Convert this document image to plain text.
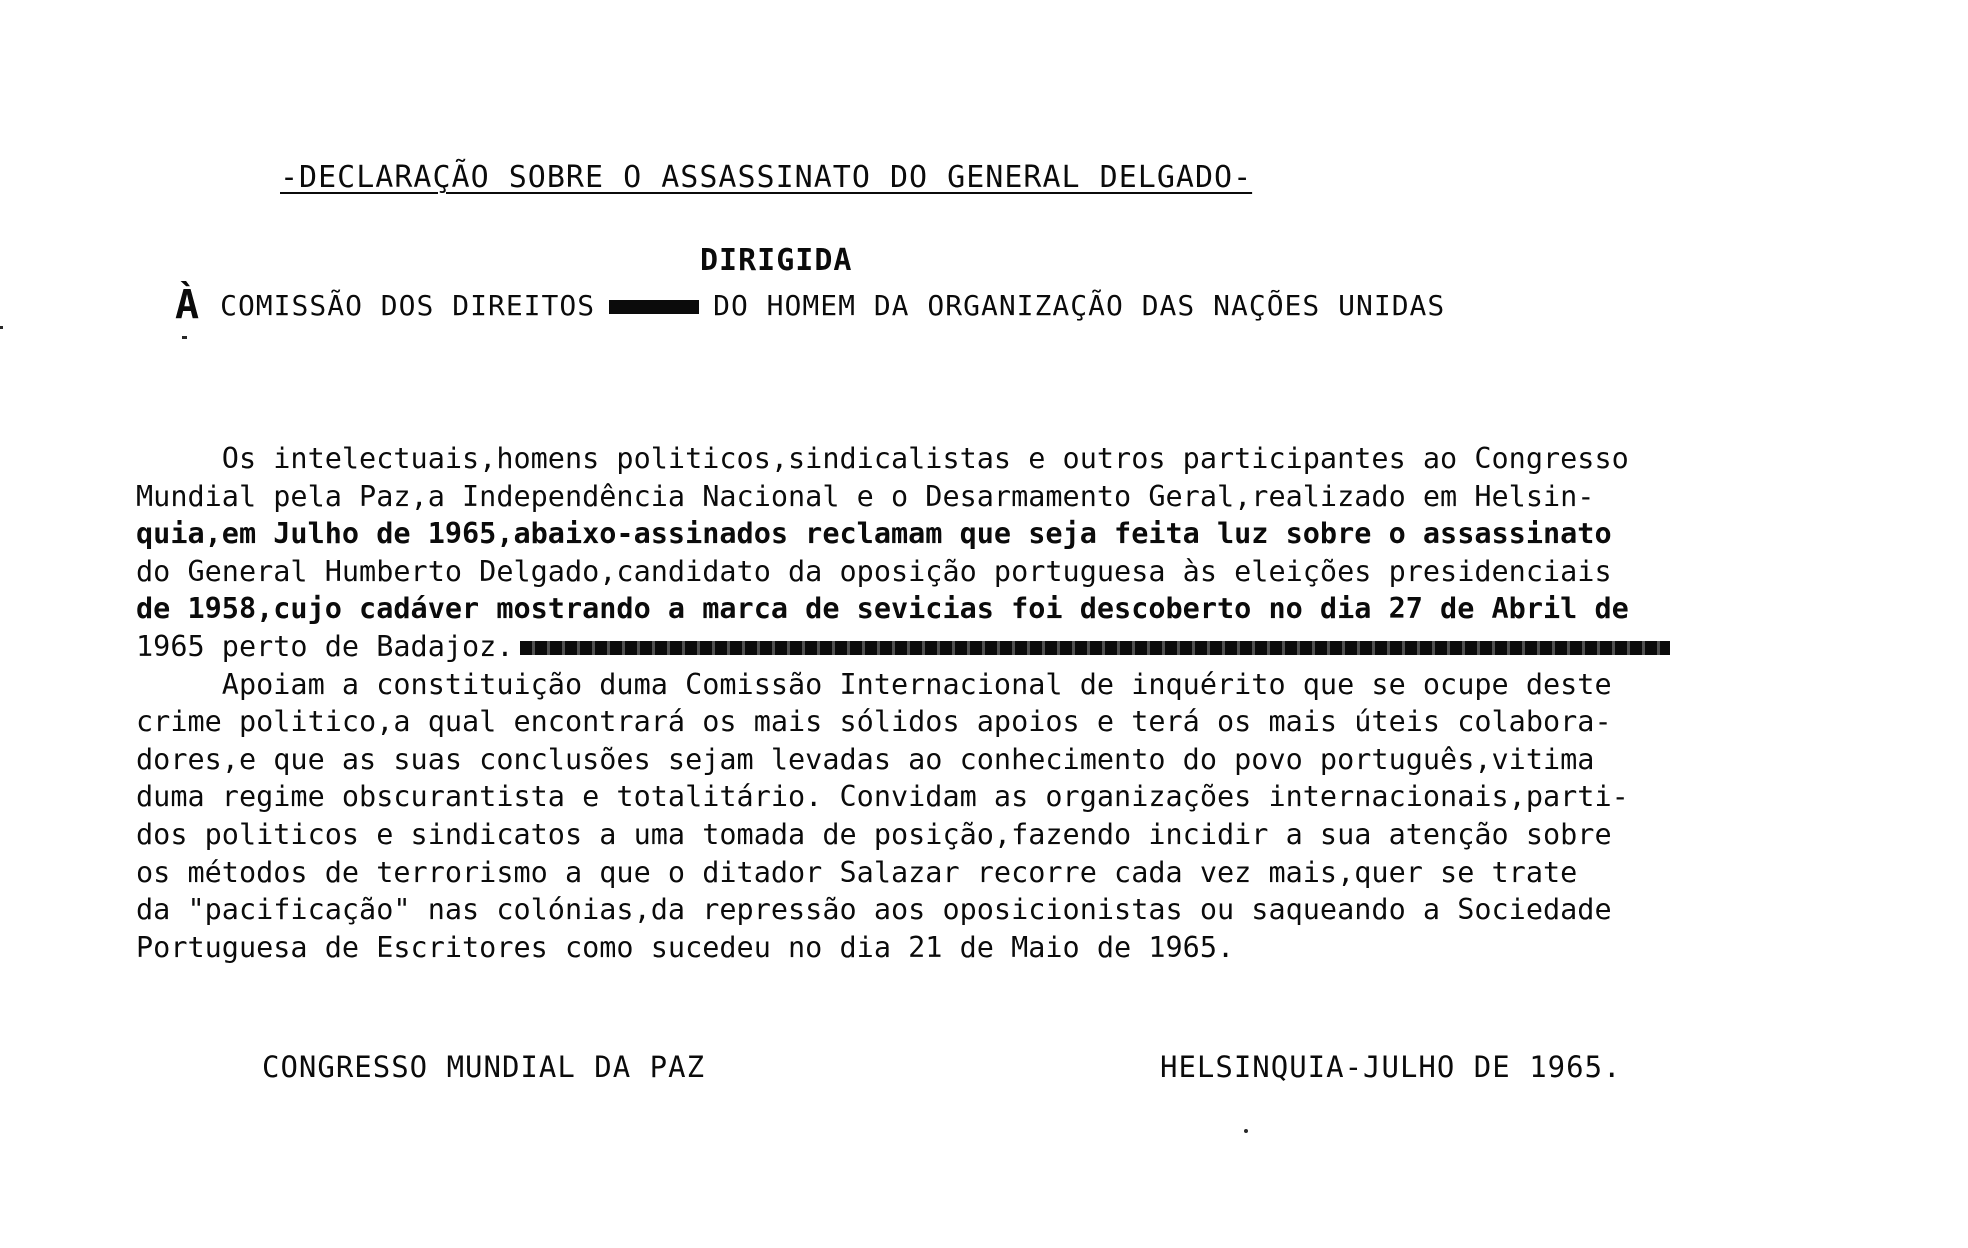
-DECLARAÇÃO SOBRE O ASSASSINATO DO GENERAL DELGADO-
DIRIGIDA
À COMISSÃO DOS DIREITOS	DO HOMEM DA ORGANIZAÇÃO DAS NAÇÕES UNIDAS
Os intelectuais,homens politicos,sindicalistas e outros participantes ao Congresso
Mundial pela Paz,a Independência Nacional e o Desarmamento Geral,realizado em Helsin-
quia,em Julho de 1965,abaixo-assinados reclamam que seja feita luz sobre o assassinato
do General Humberto Delgado,candidato da oposição portuguesa às eleições presidenciais
de 1958,cujo cadáver mostrando a marca de sevicias foi descoberto no dia 27 de Abril de
1965 perto de Badajoz.
Apoiam a constituição duma Comissão Internacional de inquérito que se ocupe deste
crime politico,a qual encontrará os mais sólidos apoios e terá os mais úteis colabora-
dores,e que as suas conclusões sejam levadas ao conhecimento do povo português,vitima
duma regime obscurantista e totalitário. Convidam as organizações internacionais,parti-
dos politicos e sindicatos a uma tomada de posição,fazendo incidir a sua atenção sobre
os métodos de terrorismo a que o ditador Salazar recorre cada vez mais,quer se trate
da "pacificação" nas colónias,da repressão aos oposicionistas ou saqueando a Sociedade
Portuguesa de Escritores como sucedeu no dia 21 de Maio de 1965.
CONGRESSO MUNDIAL DA PAZ	HELSINQUIA-JULHO DE 1965.
